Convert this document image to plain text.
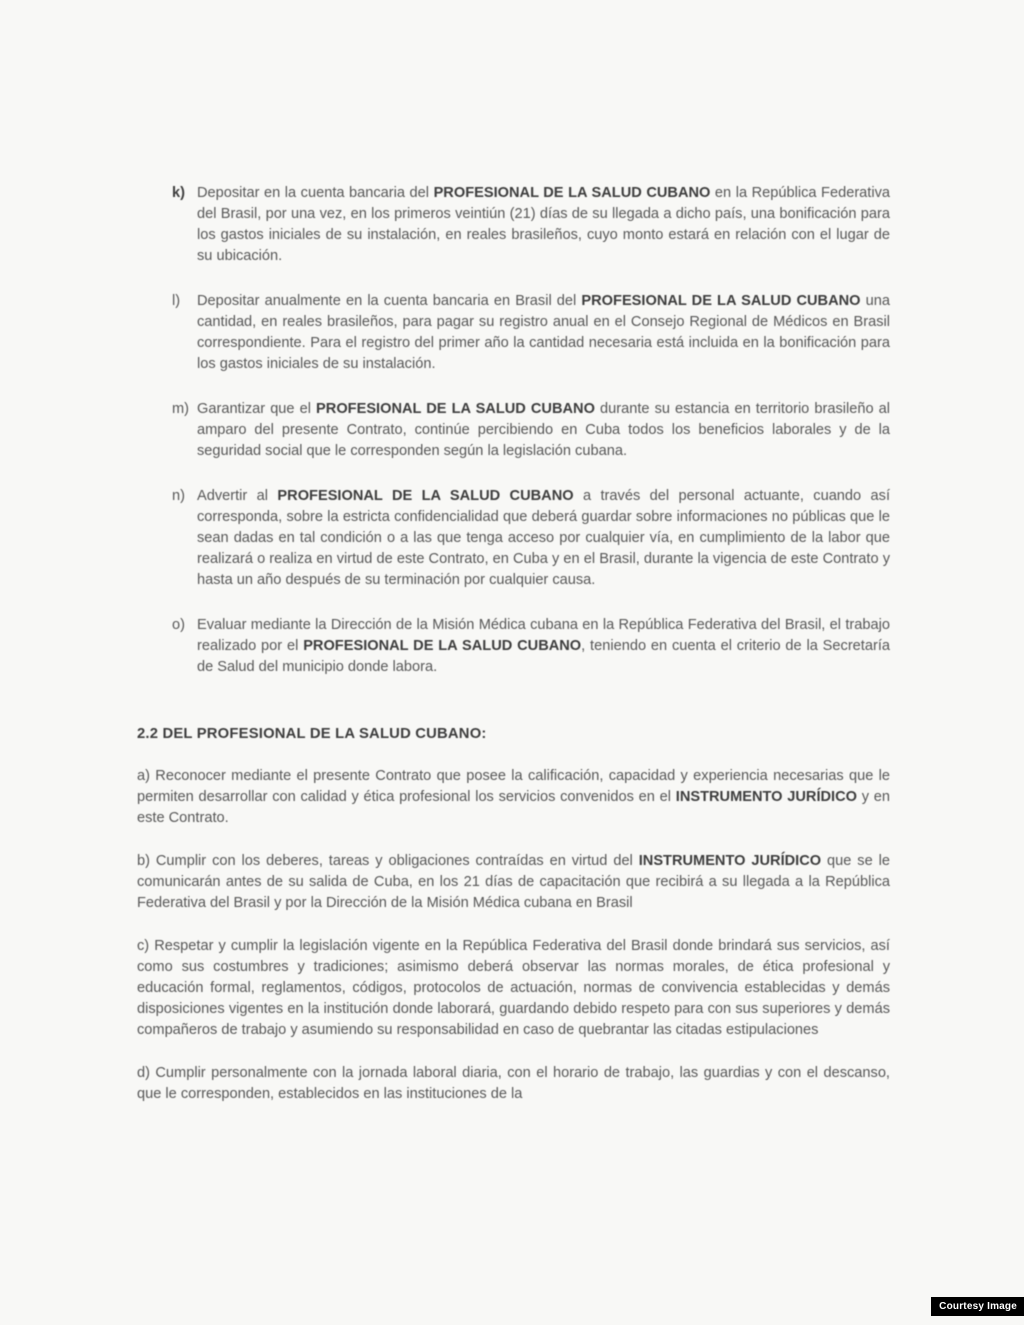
k) Depositar en la cuenta bancaria del PROFESIONAL DE LA SALUD CUBANO en la República Federativa del Brasil, por una vez, en los primeros veintiún (21) días de su llegada a dicho país, una bonificación para los gastos iniciales de su instalación, en reales brasileños, cuyo monto estará en relación con el lugar de su ubicación.
l)	Depositar anualmente en la cuenta bancaria en Brasil del PROFESIONAL DE LA SALUD CUBANO una cantidad, en reales brasileños, para pagar su registro anual en el Consejo Regional de Médicos en Brasil correspondiente. Para el registro del primer año la cantidad necesaria está incluida en la bonificación para los gastos iniciales de su instalación.
m) Garantizar que el PROFESIONAL DE LA SALUD CUBANO durante su estancia en territorio brasileño al amparo del presente Contrato, continúe percibiendo en Cuba todos los beneficios laborales y de la seguridad social que le corresponden según la legislación cubana.
n) Advertir al PROFESIONAL DE LA SALUD CUBANO a través del personal actuante, cuando así corresponda, sobre la estricta confidencialidad que deberá guardar sobre informaciones no públicas que le sean dadas en tal condición o a las que tenga acceso por cualquier vía, en cumplimiento de la labor que realizará o realiza en virtud de este Contrato, en Cuba y en el Brasil, durante la vigencia de este Contrato y hasta un año después de su terminación por cualquier causa.
o) Evaluar mediante la Dirección de la Misión Médica cubana en la República Federativa del Brasil, el trabajo realizado por el PROFESIONAL DE LA SALUD CUBANO, teniendo en cuenta el criterio de la Secretaría de Salud del municipio donde labora.
2.2 DEL PROFESIONAL DE LA SALUD CUBANO:

a) Reconocer mediante el presente Contrato que posee la calificación, capacidad y experiencia necesarias que le permiten desarrollar con calidad y ética profesional los servicios convenidos en el INSTRUMENTO JURÍDICO y en este Contrato.

b) Cumplir con los deberes, tareas y obligaciones contraídas en virtud del INSTRUMENTO JURÍDICO que se le comunicarán antes de su salida de Cuba, en los 21 días de capacitación que recibirá a su llegada a la República Federativa del Brasil y por la Dirección de la Misión Médica cubana en Brasil

c) Respetar y cumplir la legislación vigente en la República Federativa del Brasil donde brindará sus servicios, así como sus costumbres y tradiciones; asimismo deberá observar las normas morales, de ética profesional y educación formal, reglamentos, códigos, protocolos de actuación, normas de convivencia establecidas y demás disposiciones vigentes en la institución donde laborará, guardando debido respeto para con sus superiores y demás compañeros de trabajo y asumiendo su responsabilidad en caso de quebrantar las citadas estipulaciones

d) Cumplir personalmente con la jornada laboral diaria, con el horario de trabajo, las guardias y con el descanso, que le corresponden, establecidos en las instituciones de la

Courtesy Image
